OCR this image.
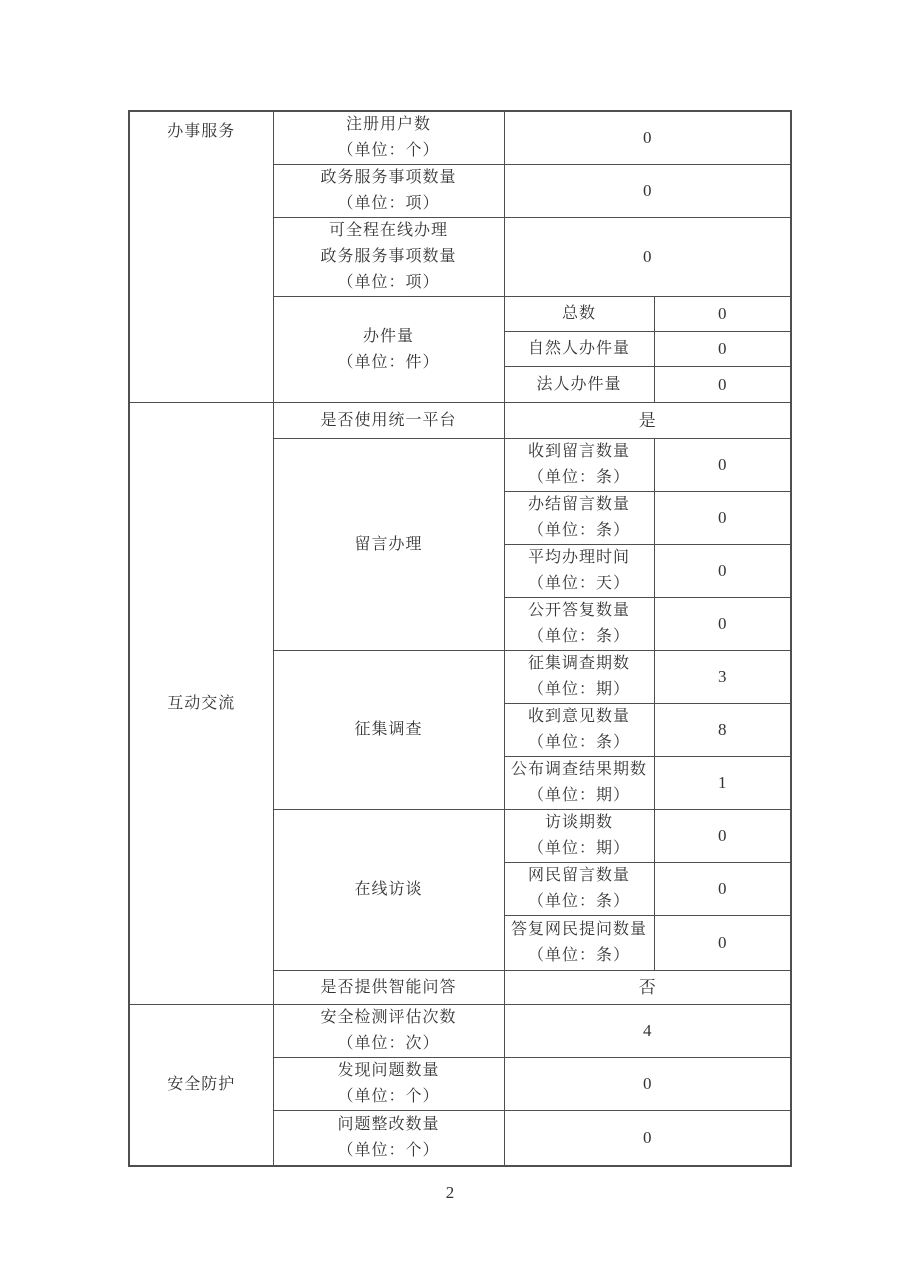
办事服务	注册用户数
（单位：个）	0	

	政务服务事项数量
（单位：项）	0	

	可全程在线办理
政务服务事项数量
（单位：项）	0	

	办件量
（单位：件）	总数	0
		自然人办件量	0
		法人办件量	0
互动交流	是否使用统一平台	是	
	留言办理	收到留言数量
（单位：条）	0

		办结留言数量
（单位：条）	0

		平均办理时间
（单位：天）	0

		公开答复数量
（单位：条）	0
	征集调查	征集调查期数
（单位：期）	3

		收到意见数量
（单位：条）	8

		公布调查结果期数
（单位：期）	1
	在线访谈	访谈期数
（单位：期）	0

		网民留言数量
（单位：条）	0

		答复网民提问数量
（单位：条）	0
	是否提供智能问答	否	
安全防护	安全检测评估次数
（单位：次）	4	

	发现问题数量
（单位：个）	0	

	问题整改数量
（单位：个）	0	
2
